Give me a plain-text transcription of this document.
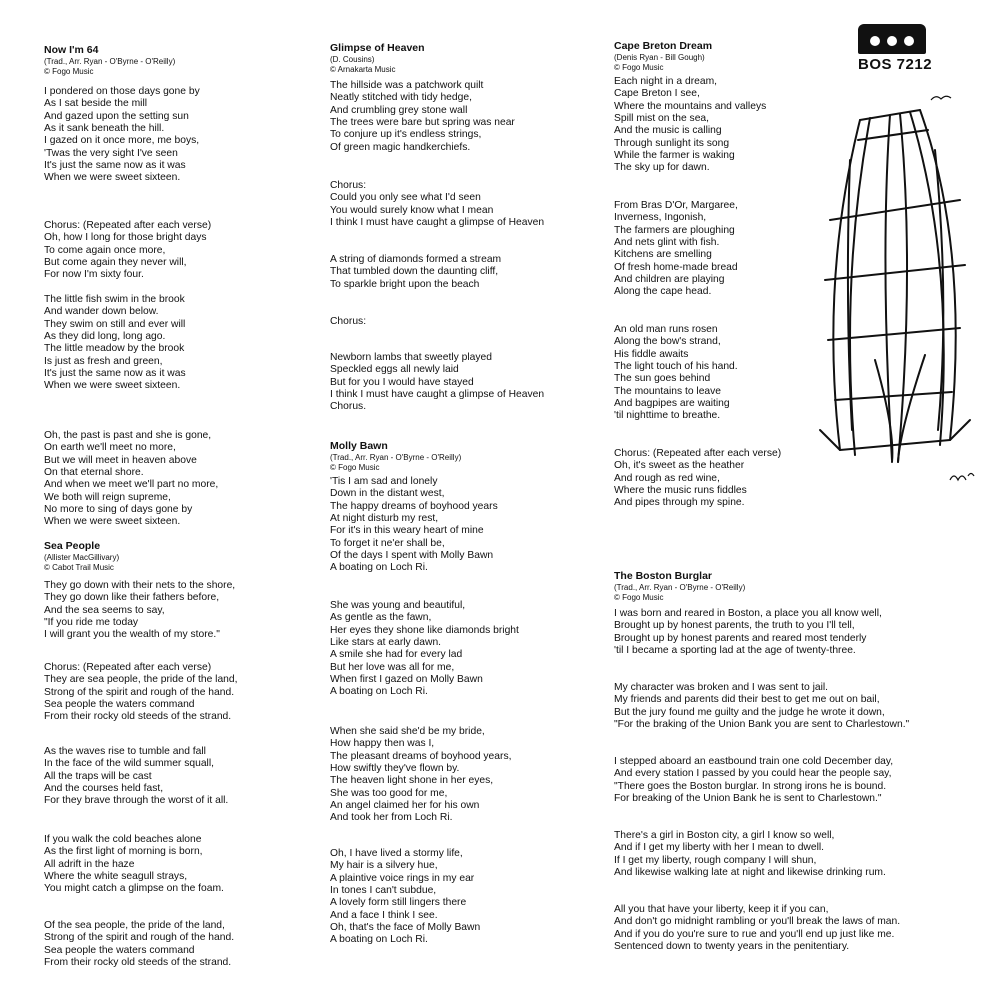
Now I'm 64

(Trad., Arr. Ryan - O'Byrne - O'Reilly)

© Fogo Music

I pondered on those days gone by
As I sat beside the mill
And gazed upon the setting sun
As it sank beneath the hill.
I gazed on it once more, me boys,
'Twas the very sight I've seen
It's just the same now as it was
When we were sweet sixteen.
Chorus: (Repeated after each verse)
Oh, how I long for those bright days
To come again once more,
But come again they never will,
For now I'm sixty four.
The little fish swim in the brook
And wander down below.
They swim on still and ever will
As they did long, long ago.
The little meadow by the brook
Is just as fresh and green,
It's just the same now as it was
When we were sweet sixteen.
Oh, the past is past and she is gone,
On earth we'll meet no more,
But we will meet in heaven above
On that eternal shore.
And when we meet we'll part no more,
We both will reign supreme,
No more to sing of days gone by
When we were sweet sixteen.

Sea People

(Allister MacGillivary)

© Cabot Trail Music

They go down with their nets to the shore,
They go down like their fathers before,
And the sea seems to say,
"If you ride me today
I will grant you the wealth of my store."
Chorus: (Repeated after each verse)
They are sea people, the pride of the land,
Strong of the spirit and rough of the hand.
Sea people the waters command
From their rocky old steeds of the strand.
As the waves rise to tumble and fall
In the face of the wild summer squall,
All the traps will be cast
And the courses held fast,
For they brave through the worst of it all.
If you walk the cold beaches alone
As the first light of morning is born,
All adrift in the haze
Where the white seagull strays,
You might catch a glimpse on the foam.
Of the sea people, the pride of the land,
Strong of the spirit and rough of the hand.
Sea people the waters command
From their rocky old steeds of the strand.

Glimpse of Heaven

(D. Cousins)

© Arnakarta Music

The hillside was a patchwork quilt
Neatly stitched with tidy hedge,
And crumbling grey stone wall
The trees were bare but spring was near
To conjure up it's endless strings,
Of green magic handkerchiefs.
Chorus:
Could you only see what I'd seen
You would surely know what I mean
I think I must have caught a glimpse of Heaven
A string of diamonds formed a stream
That tumbled down the daunting cliff,
To sparkle bright upon the beach
Chorus:
Newborn lambs that sweetly played
Speckled eggs all newly laid
But for you I would have stayed
I think I must have caught a glimpse of Heaven
Chorus.

Molly Bawn

(Trad., Arr. Ryan - O'Byrne - O'Reilly)

© Fogo Music

'Tis I am sad and lonely
Down in the distant west,
The happy dreams of boyhood years
At night disturb my rest,
For it's in this weary heart of mine
To forget it ne'er shall be,
Of the days I spent with Molly Bawn
A boating on Loch Ri.
She was young and beautiful,
As gentle as the fawn,
Her eyes they shone like diamonds bright
Like stars at early dawn.
A smile she had for every lad
But her love was all for me,
When first I gazed on Molly Bawn
A boating on Loch Ri.
When she said she'd be my bride,
How happy then was I,
The pleasant dreams of boyhood years,
How swiftly they've flown by.
The heaven light shone in her eyes,
She was too good for me,
An angel claimed her for his own
And took her from Loch Ri.
Oh, I have lived a stormy life,
My hair is a silvery hue,
A plaintive voice rings in my ear
In tones I can't subdue,
A lovely form still lingers there
And a face I think I see.
Oh, that's the face of Molly Bawn
A boating on Loch Ri.

Cape Breton Dream

(Denis Ryan - Bill Gough)

© Fogo Music

Each night in a dream,
Cape Breton I see,
Where the mountains and valleys
Spill mist on the sea,
And the music is calling
Through sunlight its song
While the farmer is waking
The sky up for dawn.
From Bras D'Or, Margaree,
Inverness, Ingonish,
The farmers are ploughing
And nets glint with fish.
Kitchens are smelling
Of fresh home-made bread
And children are playing
Along the cape head.
An old man runs rosen
Along the bow's strand,
His fiddle awaits
The light touch of his hand.
The sun goes behind
The mountains to leave
And bagpipes are waiting
'til nighttime to breathe.
Chorus: (Repeated after each verse)
Oh, it's sweet as the heather
And rough as red wine,
Where the music runs fiddles
And pipes through my spine.

The Boston Burglar

(Trad., Arr. Ryan - O'Byrne - O'Reilly)

© Fogo Music

I was born and reared in Boston, a place you all know well,
Brought up by honest parents, the truth to you I'll tell,
Brought up by honest parents and reared most tenderly
'til I became a sporting lad at the age of twenty-three.
My character was broken and I was sent to jail.
My friends and parents did their best to get me out on bail,
But the jury found me guilty and the judge he wrote it down,
"For the braking of the Union Bank you are sent to Charlestown."
I stepped aboard an eastbound train one cold December day,
And every station I passed by you could hear the people say,
"There goes the Boston burglar. In strong irons he is bound.
For breaking of the Union Bank he is sent to Charlestown."
There's a girl in Boston city, a girl I know so well,
And if I get my liberty with her I mean to dwell.
If I get my liberty, rough company I will shun,
And likewise walking late at night and likewise drinking rum.
All you that have your liberty, keep it if you can,
And don't go midnight rambling or you'll break the laws of man.
And if you do you're sure to rue and you'll end up just like me.
Sentenced down to twenty years in the penitentiary.
BOS 7212
